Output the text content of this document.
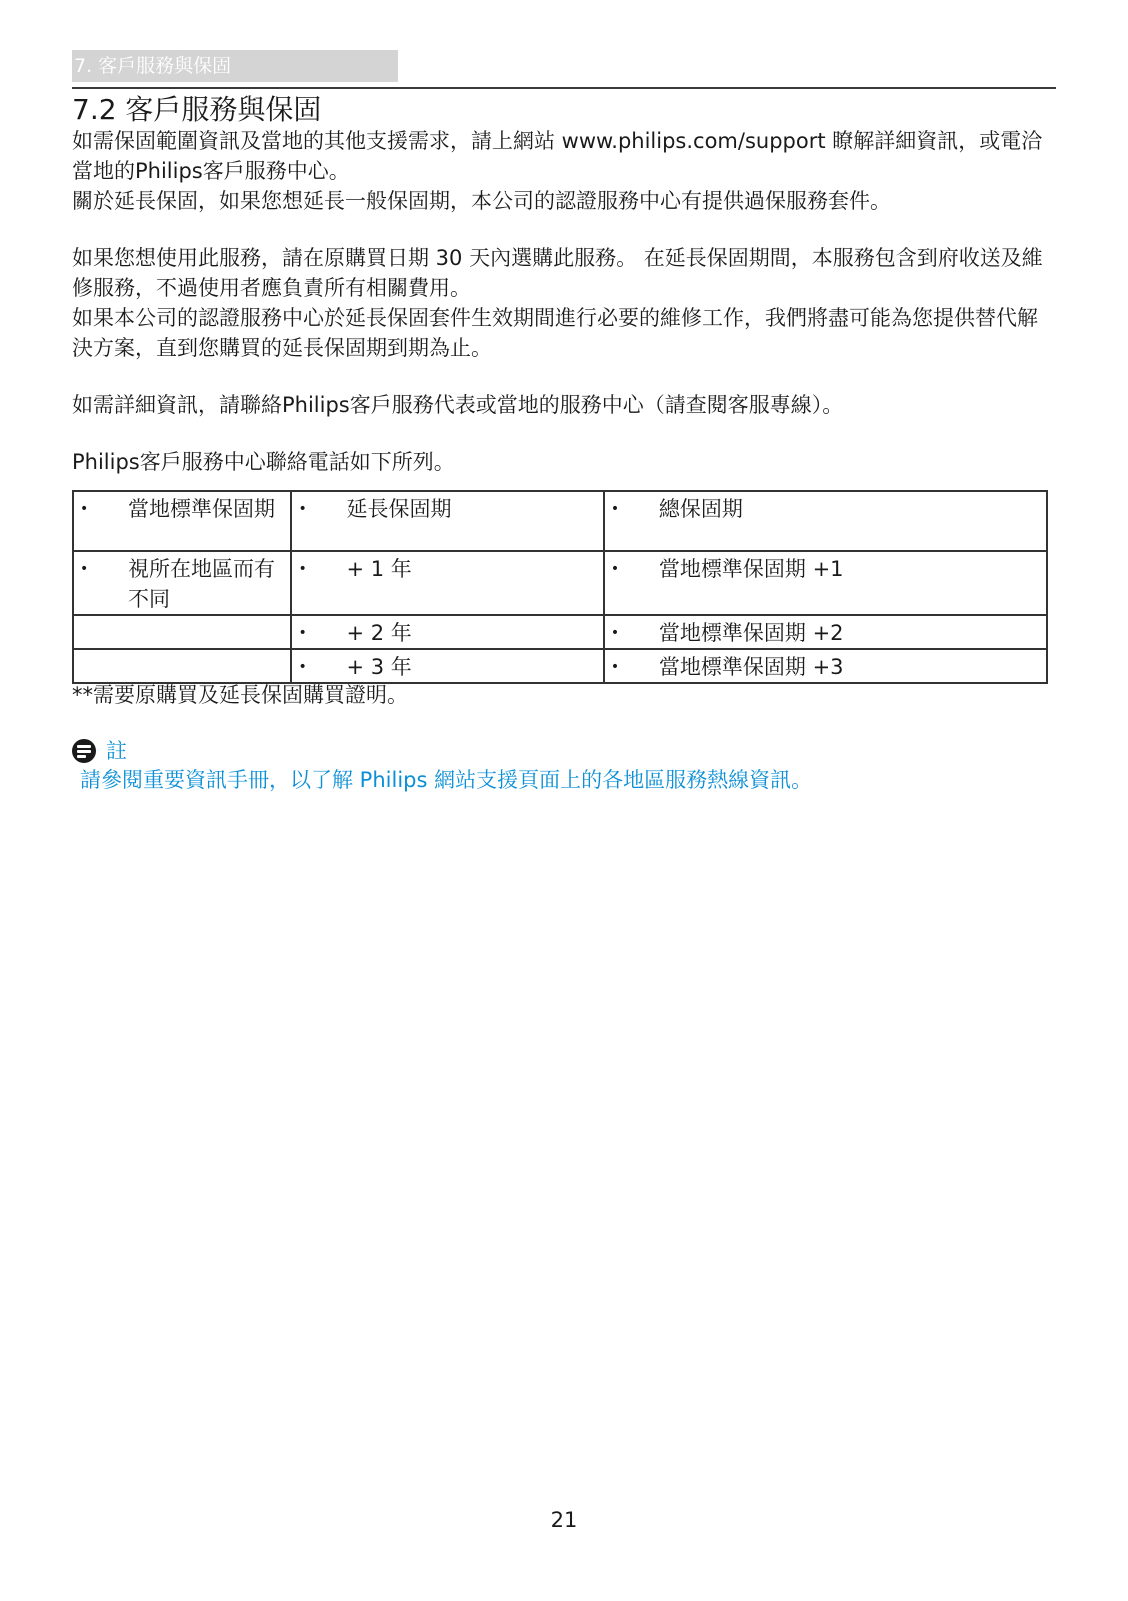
7. 客戶服務與保固
7.2 客戶服務與保固

如需保固範圍資訊及當地的其他支援需求，請上網站 www.philips.com/support 瞭解詳細資訊，或電洽當地的Philips客戶服務中心。

關於延長保固，如果您想延長一般保固期，本公司的認證服務中心有提供過保服務套件。

如果您想使用此服務，請在原購買日期 30 天內選購此服務。 在延長保固期間，本服務包含到府收送及維修服務，不過使用者應負責所有相關費用。

如果本公司的認證服務中心於延長保固套件生效期間進行必要的維修工作，我們將盡可能為您提供替代解決方案，直到您購買的延長保固期到期為止。

如需詳細資訊，請聯絡Philips客戶服務代表或當地的服務中心（請查閱客服專線）。

Philips客戶服務中心聯絡電話如下所列。

• 當地標準保固期	• 延長保固期	• 總保固期

• 視所在地區而有不同	• + 1 年	• 當地標準保固期 +1

	• + 2 年	• 當地標準保固期 +2

	• + 3 年	• 當地標準保固期 +3
**需要原購買及延長保固購買證明。
註
請參閱重要資訊手冊，以了解 Philips 網站支援頁面上的各地區服務熱線資訊。
21
